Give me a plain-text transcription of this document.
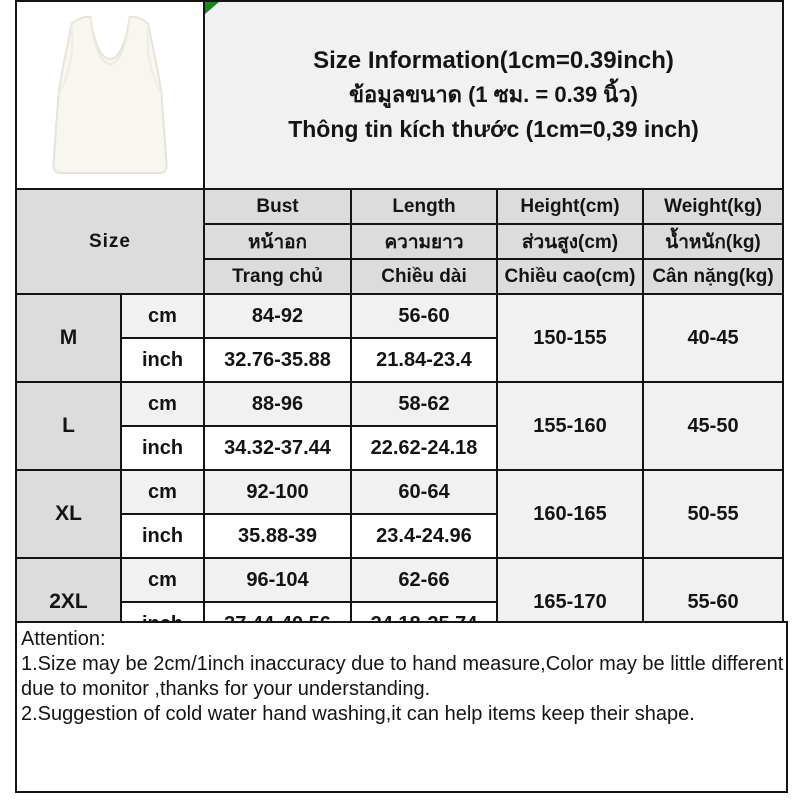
Size Information(1cm=0.39inch)
ข้อมูลขนาด (1 ซม. = 0.39 นิ้ว)
Thông tin kích thước (1cm=0,39 inch)			

Size		Bust	Length	Height(cm)	Weight(kg)
		หน้าอก	ความยาว	ส่วนสูง(cm)	น้ำหนัก(kg)
		Trang chủ	Chiều dài	Chiều cao(cm)	Cân nặng(kg)
M	cm	84-92	56-60	150-155	40-45
	inch	32.76-35.88	21.84-23.4		
L	cm	88-96	58-62	155-160	45-50
	inch	34.32-37.44	22.62-24.18		
XL	cm	92-100	60-64	160-165	50-55
	inch	35.88-39	23.4-24.96		
2XL	cm	96-104	62-66	165-170	55-60

Attention:
1.Size may be 2cm/1inch inaccuracy due to hand measure,Color may be little different due to monitor ,thanks for your understanding.
2.Suggestion of cold water hand washing,it can help items keep their shape.
